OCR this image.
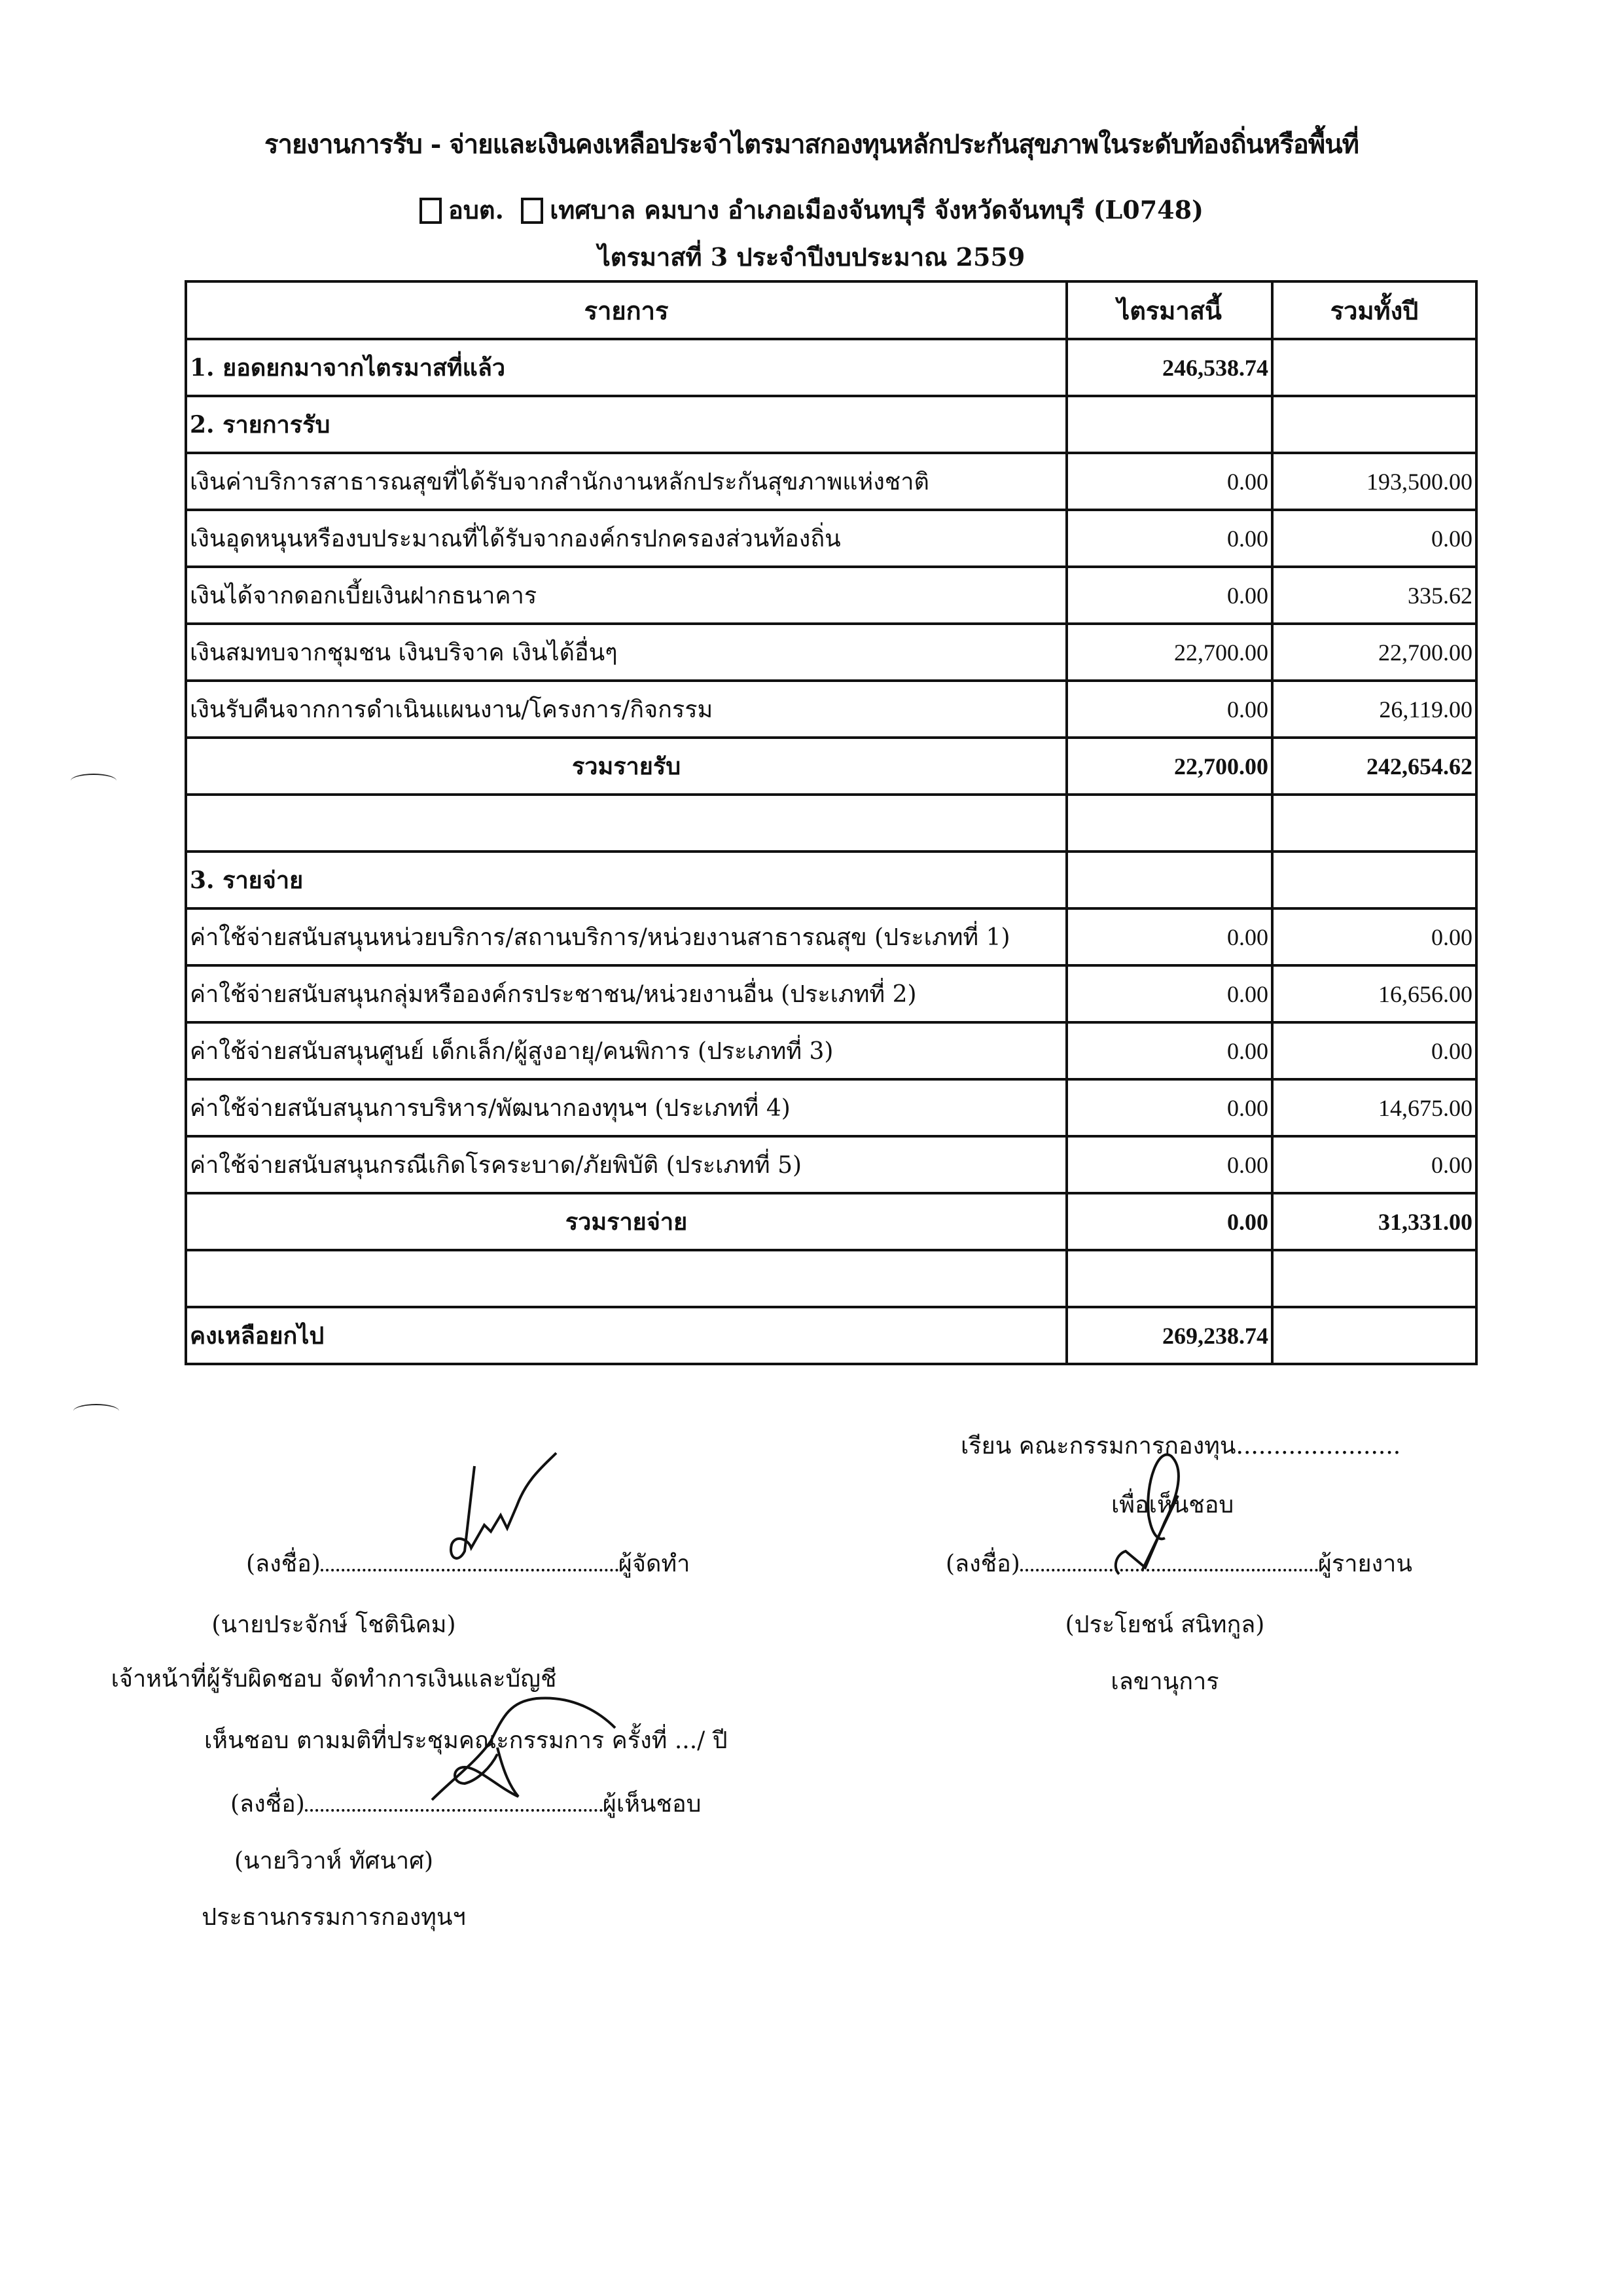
รายงานการรับ - จ่ายและเงินคงเหลือประจำไตรมาสกองทุนหลักประกันสุขภาพในระดับท้องถิ่นหรือพื้นที่
อบต. เทศบาล คมบาง อำเภอเมืองจันทบุรี จังหวัดจันทบุรี (L0748)
ไตรมาสที่ 3 ประจำปีงบประมาณ 2559
รายการ	ไตรมาสนี้	รวมทั้งปี
1. ยอดยกมาจากไตรมาสที่แล้ว	246,538.74	
2. รายการรับ		
เงินค่าบริการสาธารณสุขที่ได้รับจากสำนักงานหลักประกันสุขภาพแห่งชาติ	0.00	193,500.00
เงินอุดหนุนหรืองบประมาณที่ได้รับจากองค์กรปกครองส่วนท้องถิ่น	0.00	0.00
เงินได้จากดอกเบี้ยเงินฝากธนาคาร	0.00	335.62
เงินสมทบจากชุมชน เงินบริจาค เงินได้อื่นๆ	22,700.00	22,700.00
เงินรับคืนจากการดำเนินแผนงาน/โครงการ/กิจกรรม	0.00	26,119.00
รวมรายรับ	22,700.00	242,654.62

3. รายจ่าย		
ค่าใช้จ่ายสนับสนุนหน่วยบริการ/สถานบริการ/หน่วยงานสาธารณสุข (ประเภทที่ 1)	0.00	0.00
ค่าใช้จ่ายสนับสนุนกลุ่มหรือองค์กรประชาชน/หน่วยงานอื่น (ประเภทที่ 2)	0.00	16,656.00
ค่าใช้จ่ายสนับสนุนศูนย์ เด็กเล็ก/ผู้สูงอายุ/คนพิการ (ประเภทที่ 3)	0.00	0.00
ค่าใช้จ่ายสนับสนุนการบริหาร/พัฒนากองทุนฯ (ประเภทที่ 4)	0.00	14,675.00
ค่าใช้จ่ายสนับสนุนกรณีเกิดโรคระบาด/ภัยพิบัติ (ประเภทที่ 5)	0.00	0.00
รวมรายจ่าย	0.00	31,331.00

คงเหลือยกไป	269,238.74	
(ลงชื่อ)	ผู้จัดทำ
(นายประจักษ์ โชตินิคม)
เจ้าหน้าที่ผู้รับผิดชอบ จัดทำการเงินและบัญชี
เห็นชอบ ตามมติที่ประชุมคณะกรรมการ ครั้งที่ .../ ปี
(ลงชื่อ)	ผู้เห็นชอบ
(นายวิวาห์ ทัศนาศ)
ประธานกรรมการกองทุนฯ
เรียน คณะกรรมการกองทุน......................
เพื่อเห็นชอบ
(ลงชื่อ)	ผู้รายงาน
(ประโยชน์ สนิทกูล)
เลขานุการ
